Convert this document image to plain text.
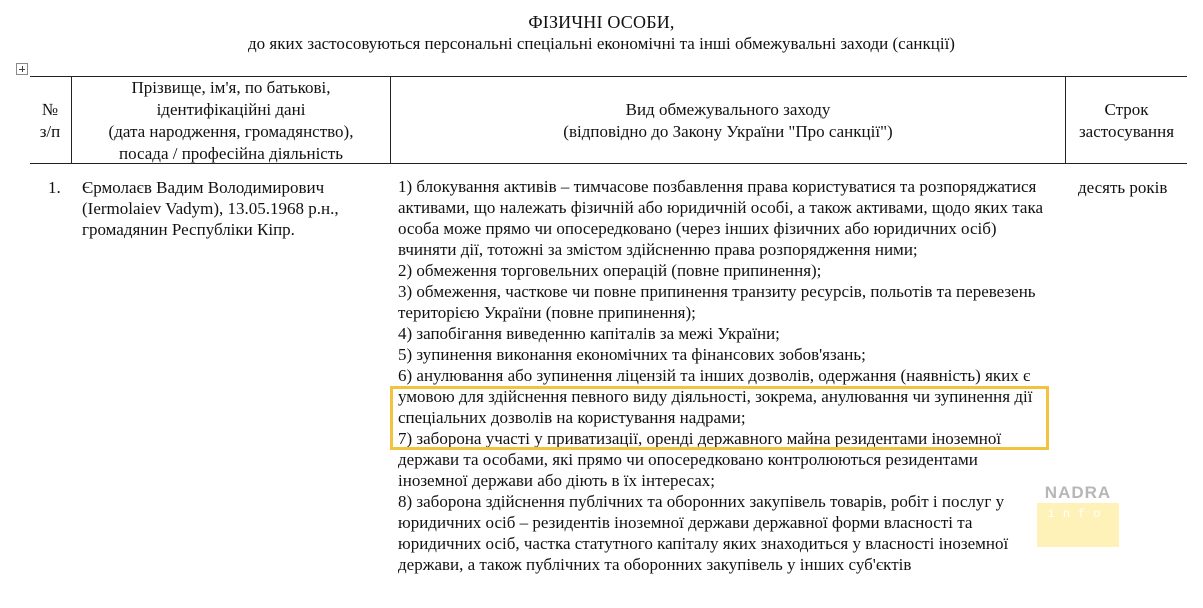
ФІЗИЧНІ ОСОБИ,
до яких застосовуються персональні спеціальні економічні та інші обмежувальні заходи (санкції)
№
з/п
Прізвище, ім'я, по батькові,
ідентифікаційні дані
(дата народження, громадянство),
посада / професійна діяльність
Вид обмежувального заходу
(відповідно до Закону України "Про санкції")
Строк
застосування
1. Єрмолаєв Вадим Володимирович
(Iermolaiev Vadym), 13.05.1968 р.н.,
громадянин Республіки Кіпр.
1) блокування активів – тимчасове позбавлення права користуватися та розпоряджатися активами, що належать фізичній або юридичній особі, а також активами, щодо яких така особа може прямо чи опосередковано (через інших фізичних або юридичних осіб) вчиняти дії, тотожні за змістом здійсненню права розпорядження ними;
2) обмеження торговельних операцій (повне припинення);
3) обмеження, часткове чи повне припинення транзиту ресурсів, польотів та перевезень територією України (повне припинення);
4) запобігання виведенню капіталів за межі України;
5) зупинення виконання економічних та фінансових зобов'язань;
6) анулювання або зупинення ліцензій та інших дозволів, одержання (наявність) яких є умовою для здійснення певного виду діяльності, зокрема, анулювання чи зупинення дії спеціальних дозволів на користування надрами;
7) заборона участі у приватизації, оренді державного майна резидентами іноземної держави та особами, які прямо чи опосередковано контролюються резидентами іноземної держави або діють в їх інтересах;
8) заборона здійснення публічних та оборонних закупівель товарів, робіт і послуг у юридичних осіб – резидентів іноземної держави державної форми власності та юридичних осіб, частка статутного капіталу яких знаходиться у власності іноземної держави, а також публічних та оборонних закупівель у інших суб'єктів
десять років
NADRA
info
